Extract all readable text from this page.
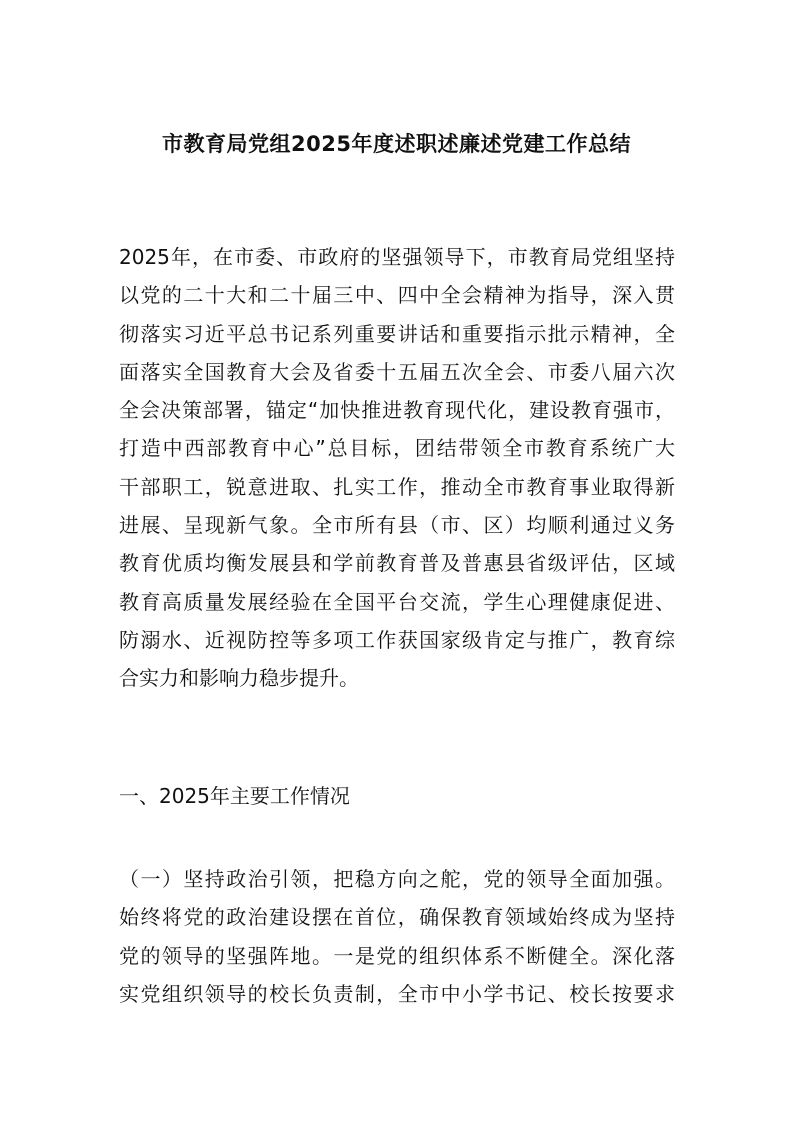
市教育局党组2025年度述职述廉述党建工作总结
2025年，在市委、市政府的坚强领导下，市教育局党组坚持
以党的二十大和二十届三中、四中全会精神为指导，深入贯
彻落实习近平总书记系列重要讲话和重要指示批示精神，全
面落实全国教育大会及省委十五届五次全会、市委八届六次
全会决策部署，锚定“加快推进教育现代化，建设教育强市，
打造中西部教育中心”总目标，团结带领全市教育系统广大
干部职工，锐意进取、扎实工作，推动全市教育事业取得新
进展、呈现新气象。全市所有县（市、区）均顺利通过义务
教育优质均衡发展县和学前教育普及普惠县省级评估，区域
教育高质量发展经验在全国平台交流，学生心理健康促进、
防溺水、近视防控等多项工作获国家级肯定与推广，教育综
合实力和影响力稳步提升。
一、2025年主要工作情况
（一）坚持政治引领，把稳方向之舵，党的领导全面加强。
始终将党的政治建设摆在首位，确保教育领域始终成为坚持
党的领导的坚强阵地。一是党的组织体系不断健全。深化落
实党组织领导的校长负责制，全市中小学书记、校长按要求
